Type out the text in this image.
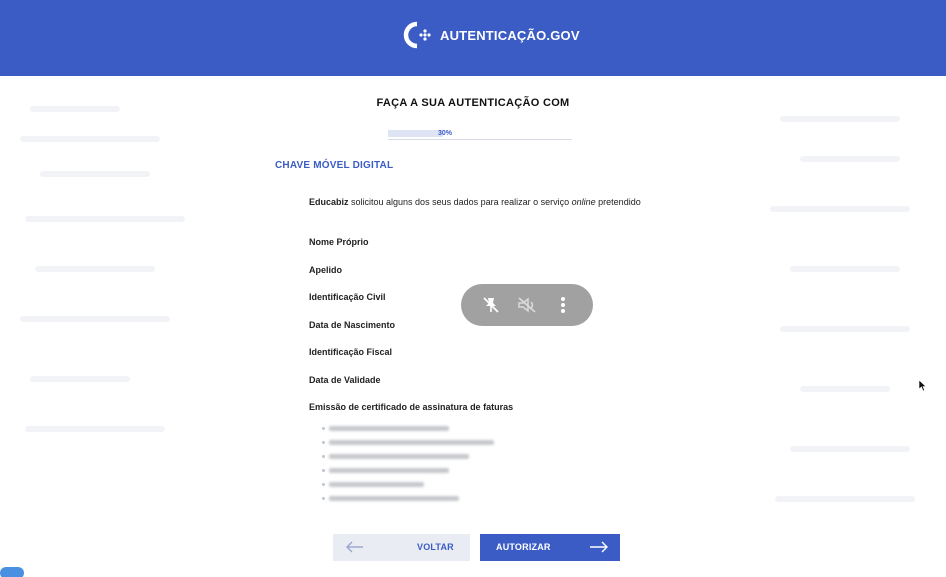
AUTENTICAÇÃO.GOV
FAÇA A SUA AUTENTICAÇÃO COM
30%
CHAVE MÓVEL DIGITAL
Educabiz solicitou alguns dos seus dados para realizar o serviço online pretendido
Nome Próprio
Apelido
Identificação Civil
Data de Nascimento
Identificação Fiscal
Data de Validade
Emissão de certificado de assinatura de faturas
VOLTAR	AUTORIZAR
